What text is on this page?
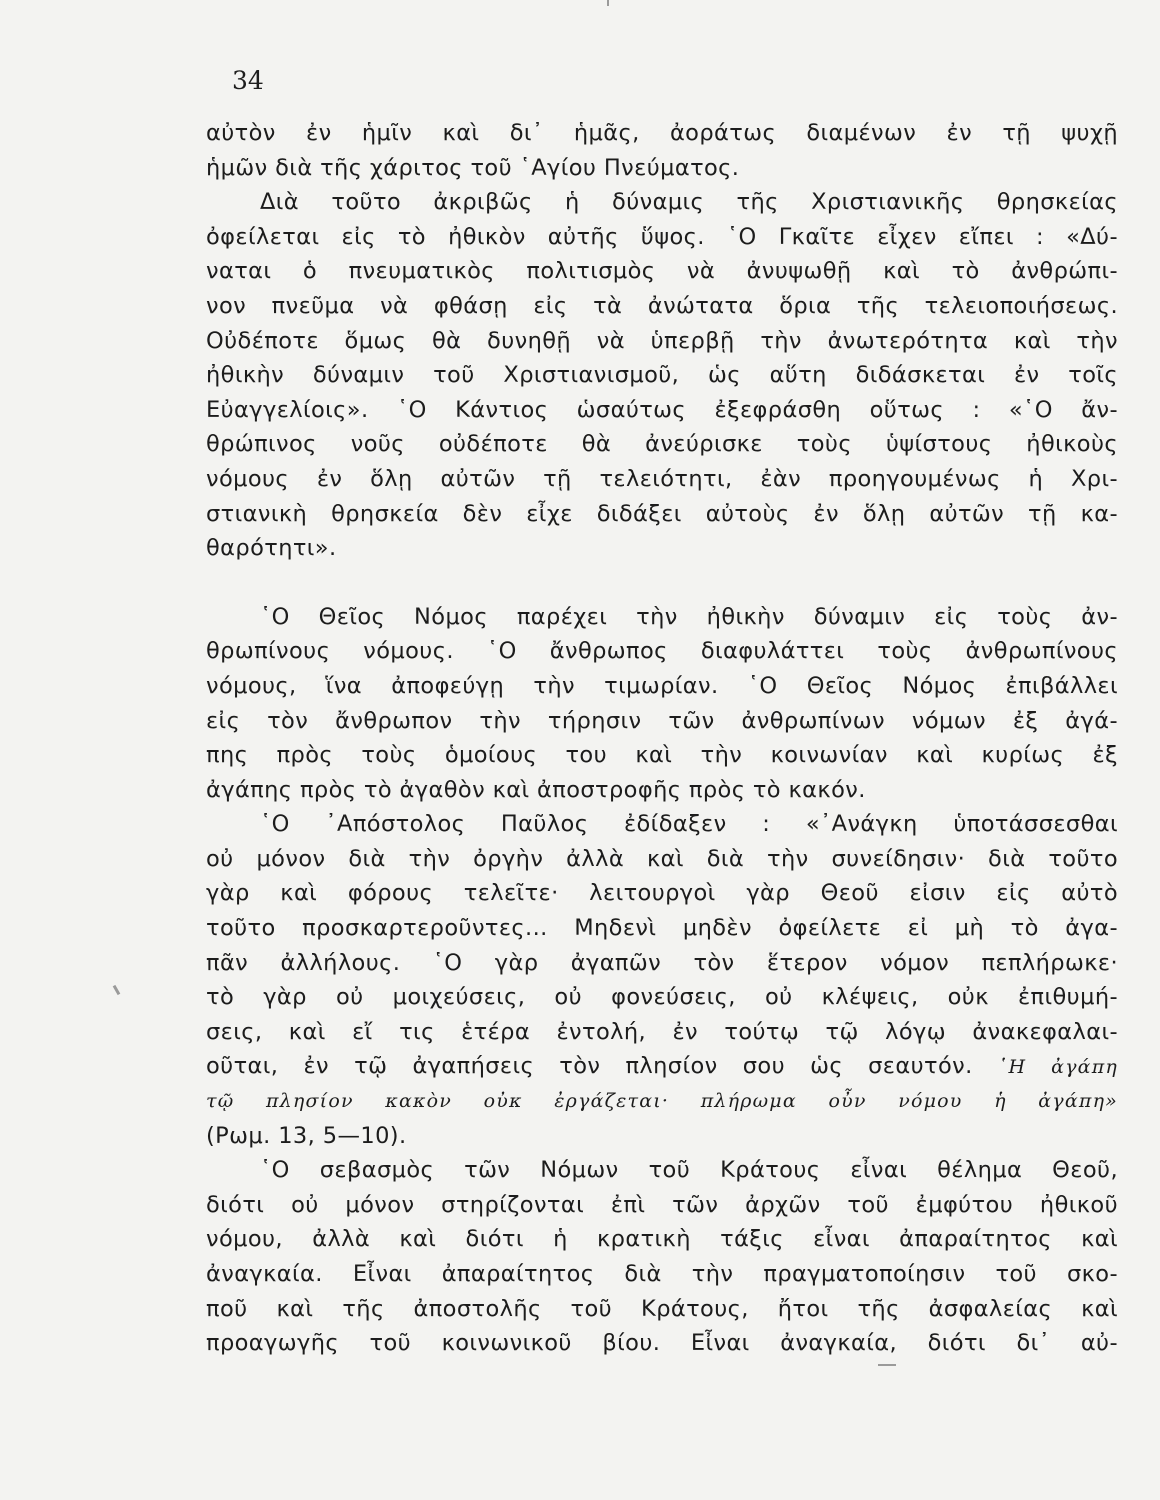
34
αὐτὸν ἐν ἡμῖν καὶ δι᾽ ἡμᾶς, ἀοράτως διαμένων ἐν τῇ ψυχῇ
ἡμῶν διὰ τῆς χάριτος τοῦ ῾Αγίου Πνεύματος.
Διὰ τοῦτο ἀκριβῶς ἡ δύναμις τῆς Χριστιανικῆς θρησκείας
ὀφείλεται εἰς τὸ ἠθικὸν αὐτῆς ὕψος. ῾Ο Γκαῖτε εἶχεν εἴπει : «Δύ-
ναται ὁ πνευματικὸς πολιτισμὸς νὰ ἀνυψωθῇ καὶ τὸ ἀνθρώπι-
νον πνεῦμα νὰ φθάσῃ εἰς τὰ ἀνώτατα ὅρια τῆς τελειοποιήσεως.
Οὐδέποτε ὅμως θὰ δυνηθῇ νὰ ὑπερβῇ τὴν ἀνωτερότητα καὶ τὴν
ἠθικὴν δύναμιν τοῦ Χριστιανισμοῦ, ὡς αὕτη διδάσκεται ἐν τοῖς
Εὐαγγελίοις». ῾Ο Κάντιος ὡσαύτως ἐξεφράσθη οὕτως : «῾Ο ἄν-
θρώπινος νοῦς οὐδέποτε θὰ ἀνεύρισκε τοὺς ὑψίστους ἠθικοὺς
νόμους ἐν ὅλῃ αὐτῶν τῇ τελειότητι, ἐὰν προηγουμένως ἡ Χρι-
στιανικὴ θρησκεία δὲν εἶχε διδάξει αὐτοὺς ἐν ὅλῃ αὐτῶν τῇ κα-
θαρότητι».
῾Ο Θεῖος Νόμος παρέχει τὴν ἠθικὴν δύναμιν εἰς τοὺς ἀν-
θρωπίνους νόμους. ῾Ο ἄνθρωπος διαφυλάττει τοὺς ἀνθρωπίνους
νόμους, ἵνα ἀποφεύγῃ τὴν τιμωρίαν. ῾Ο Θεῖος Νόμος ἐπιβάλλει
εἰς τὸν ἄνθρωπον τὴν τήρησιν τῶν ἀνθρωπίνων νόμων ἐξ ἀγά-
πης πρὸς τοὺς ὁμοίους του καὶ τὴν κοινωνίαν καὶ κυρίως ἐξ
ἀγάπης πρὸς τὸ ἀγαθὸν καὶ ἀποστροφῆς πρὸς τὸ κακόν.
῾Ο ᾿Απόστολος Παῦλος ἐδίδαξεν : «᾿Ανάγκη ὑποτάσσεσθαι
οὐ μόνον διὰ τὴν ὀργὴν ἀλλὰ καὶ διὰ τὴν συνείδησιν· διὰ τοῦτο
γὰρ καὶ φόρους τελεῖτε· λειτουργοὶ γὰρ Θεοῦ εἰσιν εἰς αὐτὸ
τοῦτο προσκαρτεροῦντες... Μηδενὶ μηδὲν ὀφείλετε εἰ μὴ τὸ ἀγα-
πᾶν ἀλλήλους. ῾Ο γὰρ ἀγαπῶν τὸν ἕτερον νόμον πεπλήρωκε·
τὸ γὰρ οὐ μοιχεύσεις, οὐ φονεύσεις, οὐ κλέψεις, οὐκ ἐπιθυμή-
σεις, καὶ εἴ τις ἑτέρα ἐντολή, ἐν τούτῳ τῷ λόγῳ ἀνακεφαλαι-
οῦται, ἐν τῷ ἀγαπήσεις τὸν πλησίον σου ὡς σεαυτόν. ῾Η ἀγάπη
τῷ πλησίον κακὸν οὐκ ἐργάζεται· πλήρωμα οὖν νόμου ἡ ἀγάπη»
(Ρωμ. 13, 5—10).
῾Ο σεβασμὸς τῶν Νόμων τοῦ Κράτους εἶναι θέλημα Θεοῦ,
διότι οὐ μόνον στηρίζονται ἐπὶ τῶν ἀρχῶν τοῦ ἐμφύτου ἠθικοῦ
νόμου, ἀλλὰ καὶ διότι ἡ κρατικὴ τάξις εἶναι ἀπαραίτητος καὶ
ἀναγκαία. Εἶναι ἀπαραίτητος διὰ τὴν πραγματοποίησιν τοῦ σκο-
ποῦ καὶ τῆς ἀποστολῆς τοῦ Κράτους, ἤτοι τῆς ἀσφαλείας καὶ
προαγωγῆς τοῦ κοινωνικοῦ βίου. Εἶναι ἀναγκαία, διότι δι᾽ αὐ-
